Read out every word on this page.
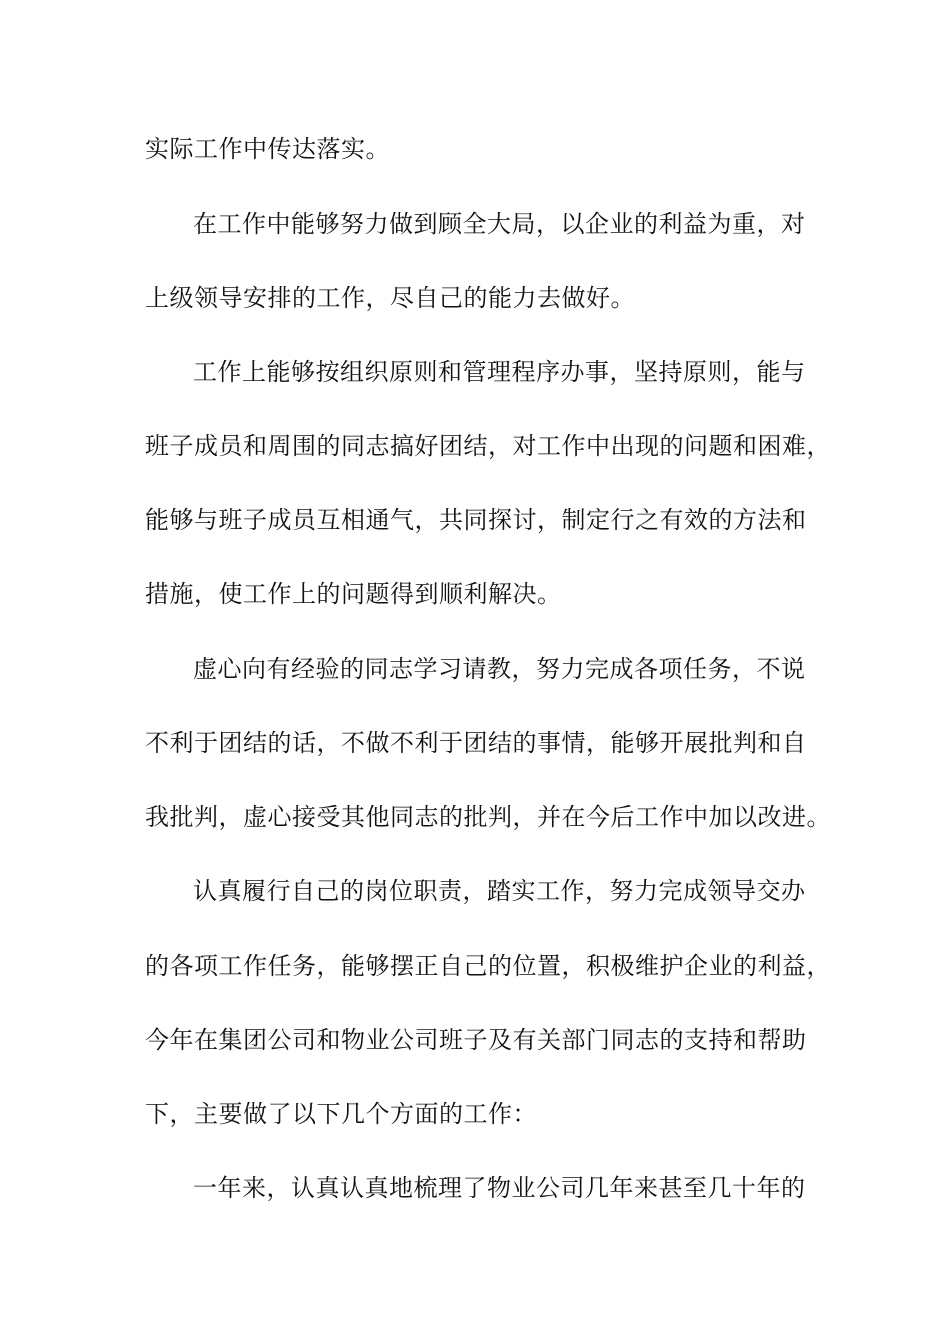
实际工作中传达落实。
在工作中能够努力做到顾全大局，以企业的利益为重，对
上级领导安排的工作，尽自己的能力去做好。
工作上能够按组织原则和管理程序办事，坚持原则，能与
班子成员和周围的同志搞好团结，对工作中出现的问题和困难，
能够与班子成员互相通气，共同探讨，制定行之有效的方法和
措施，使工作上的问题得到顺利解决。
虚心向有经验的同志学习请教，努力完成各项任务，不说
不利于团结的话，不做不利于团结的事情，能够开展批判和自
我批判，虚心接受其他同志的批判，并在今后工作中加以改进。
认真履行自己的岗位职责，踏实工作，努力完成领导交办
的各项工作任务，能够摆正自己的位置，积极维护企业的利益，
今年在集团公司和物业公司班子及有关部门同志的支持和帮助
下，主要做了以下几个方面的工作：
一年来，认真认真地梳理了物业公司几年来甚至几十年的
